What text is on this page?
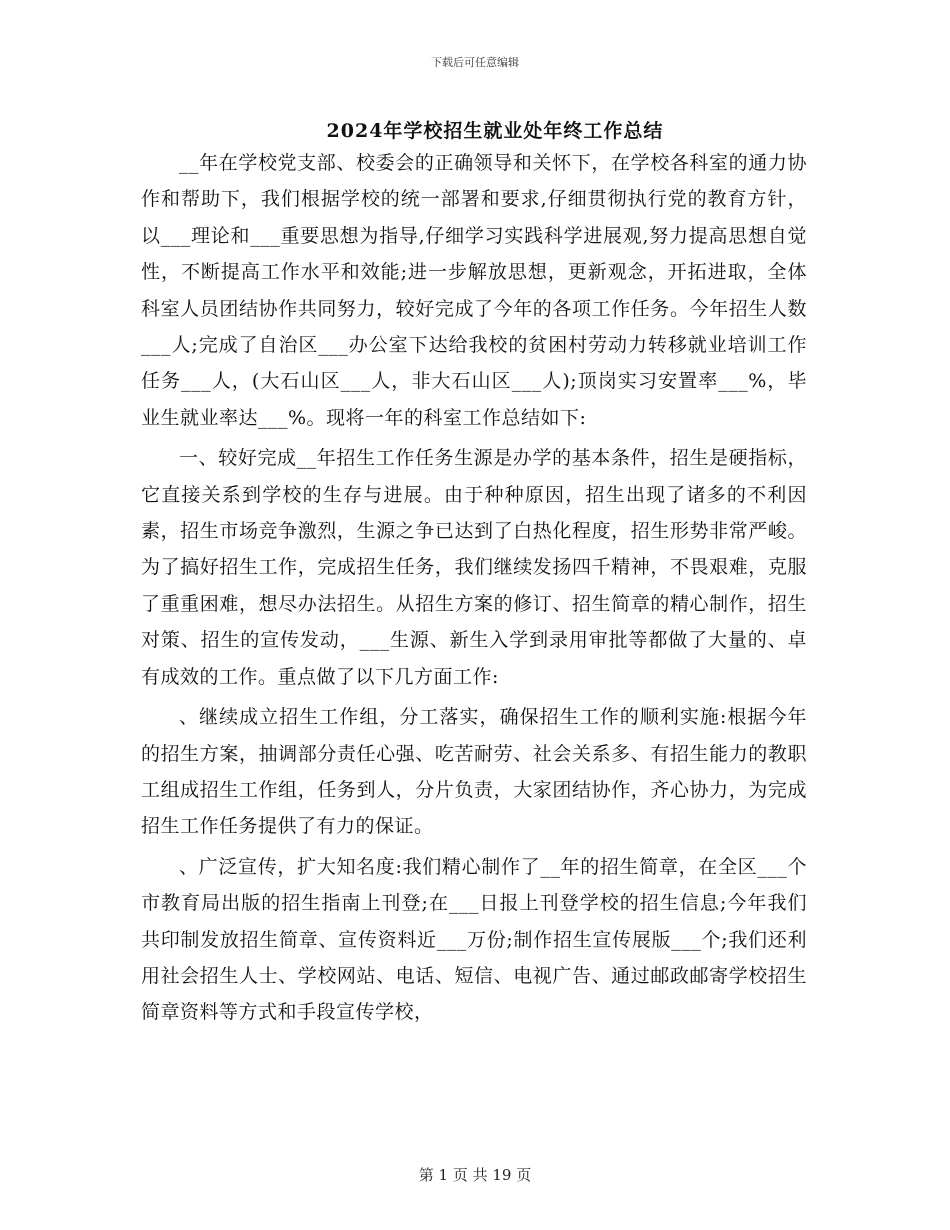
下载后可任意编辑
2024年学校招生就业处年终工作总结

__年在学校党支部、校委会的正确领导和关怀下，在学校各科室的通力协作和帮助下，我们根据学校的统一部署和要求,仔细贯彻执行党的教育方针，以___理论和___重要思想为指导,仔细学习实践科学进展观,努力提高思想自觉性，不断提高工作水平和效能;进一步解放思想，更新观念，开拓进取，全体科室人员团结协作共同努力，较好完成了今年的各项工作任务。今年招生人数___人;完成了自治区___办公室下达给我校的贫困村劳动力转移就业培训工作任务___人，(大石山区___人，非大石山区___人);顶岗实习安置率___%，毕业生就业率达___%。现将一年的科室工作总结如下:

一、较好完成__年招生工作任务生源是办学的基本条件，招生是硬指标，它直接关系到学校的生存与进展。由于种种原因，招生出现了诸多的不利因素，招生市场竞争激烈，生源之争已达到了白热化程度，招生形势非常严峻。为了搞好招生工作，完成招生任务，我们继续发扬四千精神，不畏艰难，克服了重重困难，想尽办法招生。从招生方案的修订、招生简章的精心制作，招生对策、招生的宣传发动，___生源、新生入学到录用审批等都做了大量的、卓有成效的工作。重点做了以下几方面工作:

、继续成立招生工作组，分工落实，确保招生工作的顺利实施:根据今年的招生方案，抽调部分责任心强、吃苦耐劳、社会关系多、有招生能力的教职工组成招生工作组，任务到人，分片负责，大家团结协作，齐心协力，为完成招生工作任务提供了有力的保证。

、广泛宣传，扩大知名度:我们精心制作了__年的招生简章，在全区___个市教育局出版的招生指南上刊登;在___日报上刊登学校的招生信息;今年我们共印制发放招生简章、宣传资料近___万份;制作招生宣传展版___个;我们还利用社会招生人士、学校网站、电话、短信、电视广告、通过邮政邮寄学校招生简章资料等方式和手段宣传学校，

第 1 页 共 19 页
